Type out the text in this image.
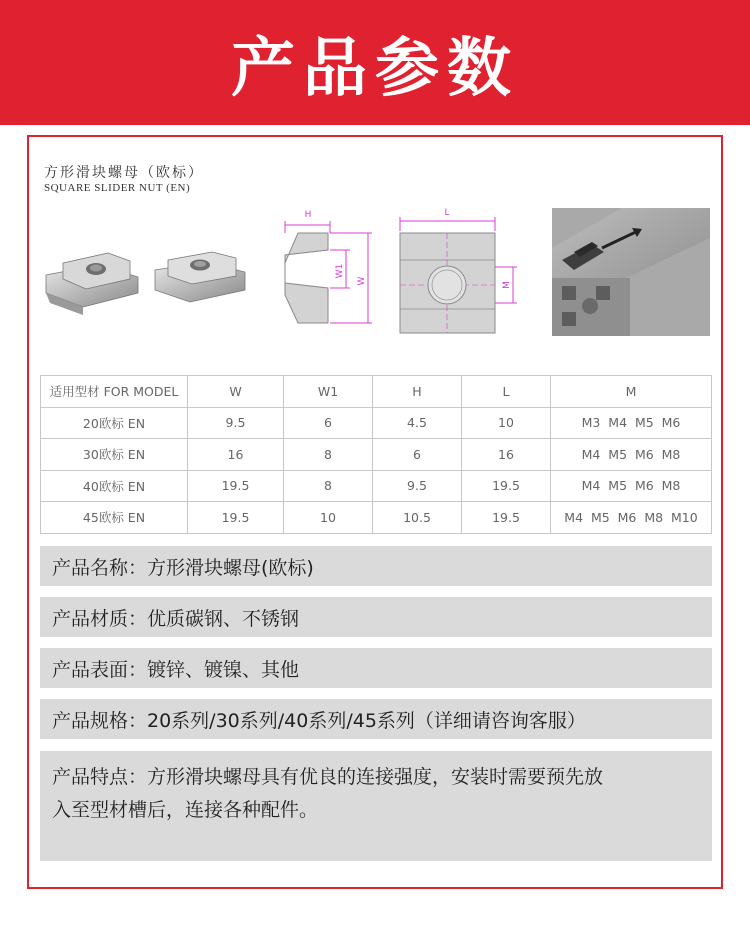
产品参数
方形滑块螺母（欧标）
SQUARE SLIDER NUT (EN)
H
W1
W
L
M
适用型材 FOR MODEL	W	W1	H	L	M
20欧标 EN	9.5	6	4.5	10	M3  M4  M5  M6
30欧标 EN	16	8	6	16	M4  M5  M6  M8
40欧标 EN	19.5	8	9.5	19.5	M4  M5  M6  M8
45欧标 EN	19.5	10	10.5	19.5	M4  M5  M6  M8  M10
产品名称：方形滑块螺母(欧标)
产品材质：优质碳钢、不锈钢
产品表面：镀锌、镀镍、其他
产品规格：20系列/30系列/40系列/45系列（详细请咨询客服）
产品特点：方形滑块螺母具有优良的连接强度，安装时需要预先放
入至型材槽后，连接各种配件。
